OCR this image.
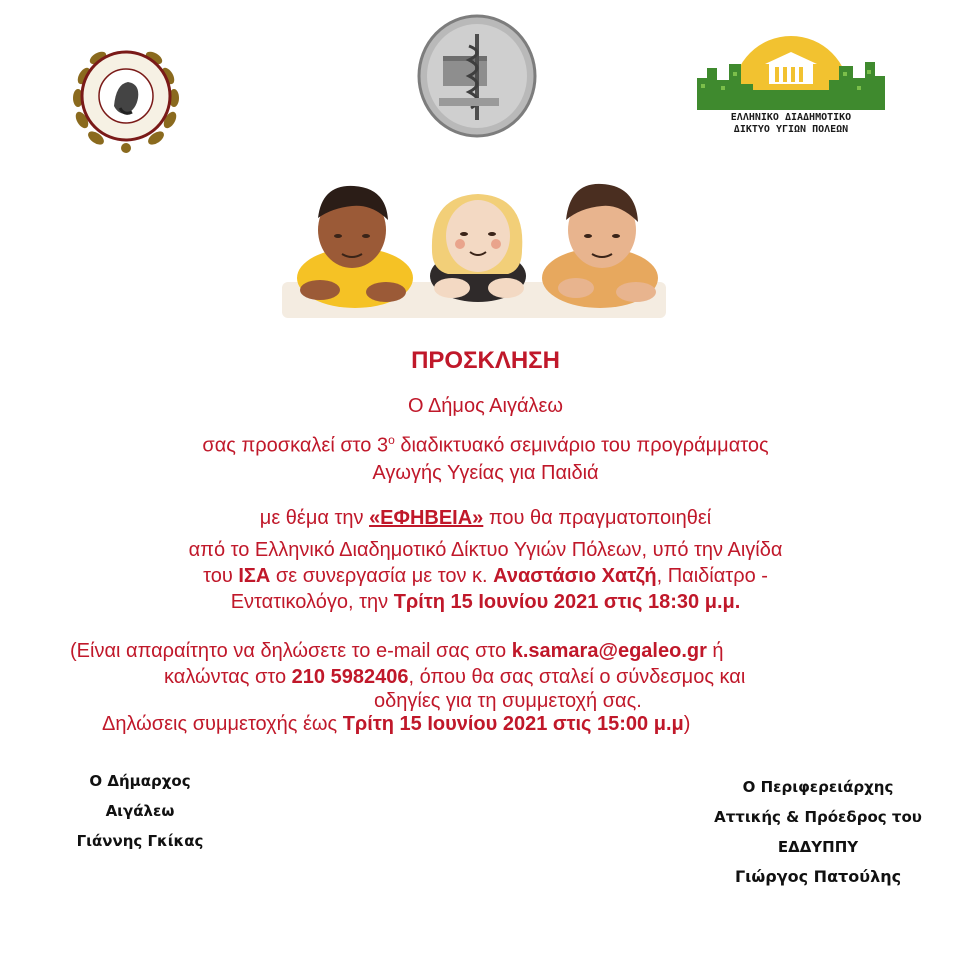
ΕΛΛΗΝΙΚΟ ΔΙΑΔΗΜΟΤΙΚΟ
ΔΙΚΤΥΟ ΥΓΙΩΝ ΠΟΛΕΩΝ
ΠΡΟΣΚΛΗΣΗ
Ο Δήμος Αιγάλεω
σας προσκαλεί στο $3^o$ διαδικτυακό σεμινάριο του προγράμματος
Αγωγής Υγείας για Παιδιά
με θέμα την «ΕΦΗΒΕΙΑ» που θα πραγματοποιηθεί
από το Ελληνικό Διαδημοτικό Δίκτυο Υγιών Πόλεων, υπό την Αιγίδα
του ΙΣΑ σε συνεργασία με τον κ. Αναστάσιο Χατζή, Παιδίατρο -
Εντατικολόγο, την Τρίτη 15 Ιουνίου 2021 στις 18:30 μ.μ.
(Είναι απαραίτητο να δηλώσετε το e-mail σας στο k.samara@egaleo.gr ή
καλώντας στο 210 5982406, όπου θα σας σταλεί ο σύνδεσμος και
οδηγίες για τη συμμετοχή σας.
Δηλώσεις συμμετοχής έως Τρίτη 15 Ιουνίου 2021 στις 15:00 μ.μ)
Ο Δήμαρχος
Αιγάλεω
Γιάννης Γκίκας
Ο Περιφερειάρχης
Αττικής & Πρόεδρος του
ΕΔΔΥΠΠΥ
Γιώργος Πατούλης
